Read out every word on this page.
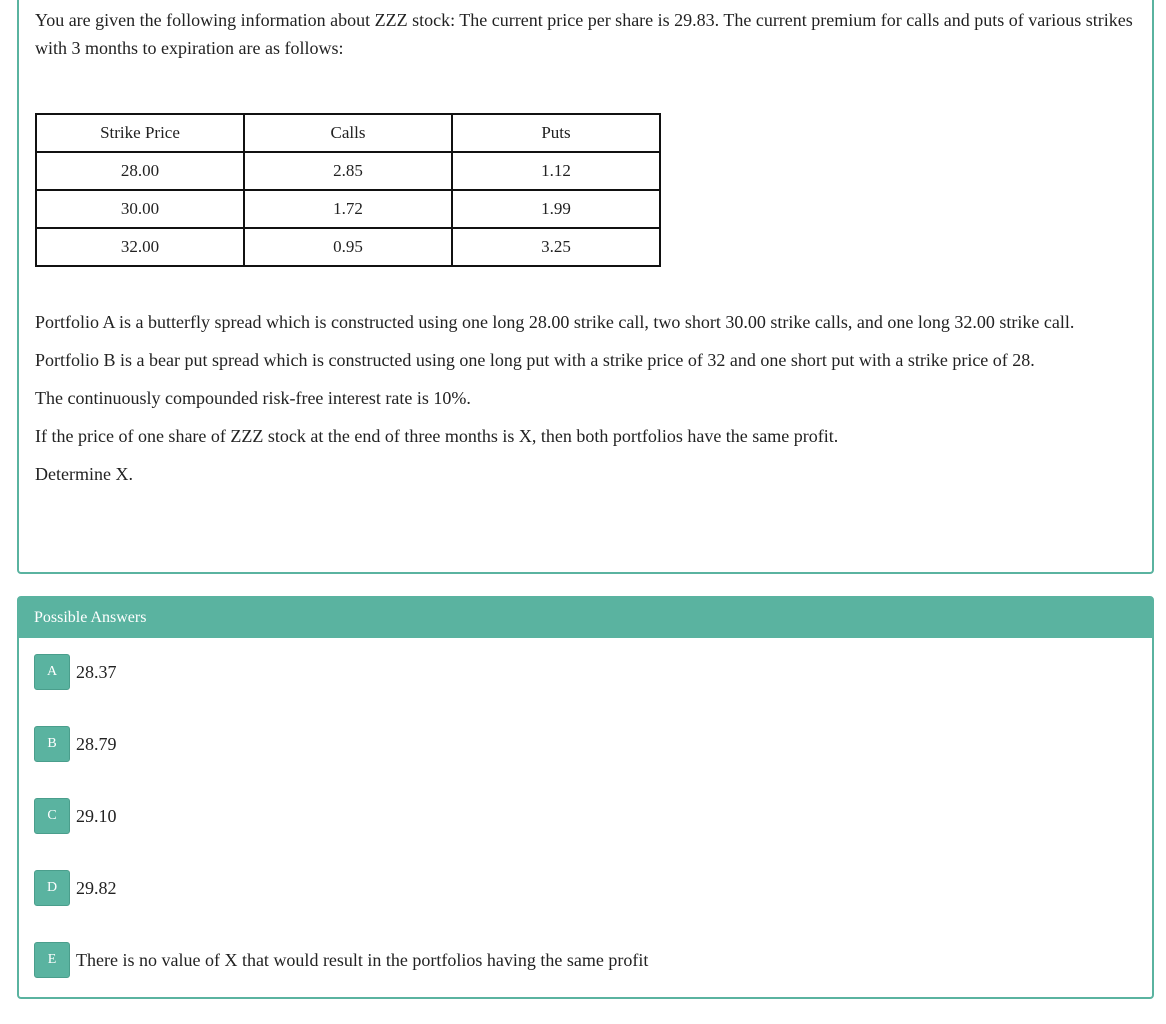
You are given the following information about ZZZ stock: The current price per share is 29.83. The current premium for calls and puts of various strikes with 3 months to expiration are as follows:

Strike Price	Calls	Puts
28.00	2.85	1.12
30.00	1.72	1.99
32.00	0.95	3.25

Portfolio A is a butterfly spread which is constructed using one long 28.00 strike call, two short 30.00 strike calls, and one long 32.00 strike call.

Portfolio B is a bear put spread which is constructed using one long put with a strike price of 32 and one short put with a strike price of 28.

The continuously compounded risk-free interest rate is 10%.

If the price of one share of ZZZ stock at the end of three months is X, then both portfolios have the same profit.

Determine X.

Possible Answers
A	28.37
B	28.79
C	29.10
D	29.82
E	There is no value of X that would result in the portfolios having the same profit
